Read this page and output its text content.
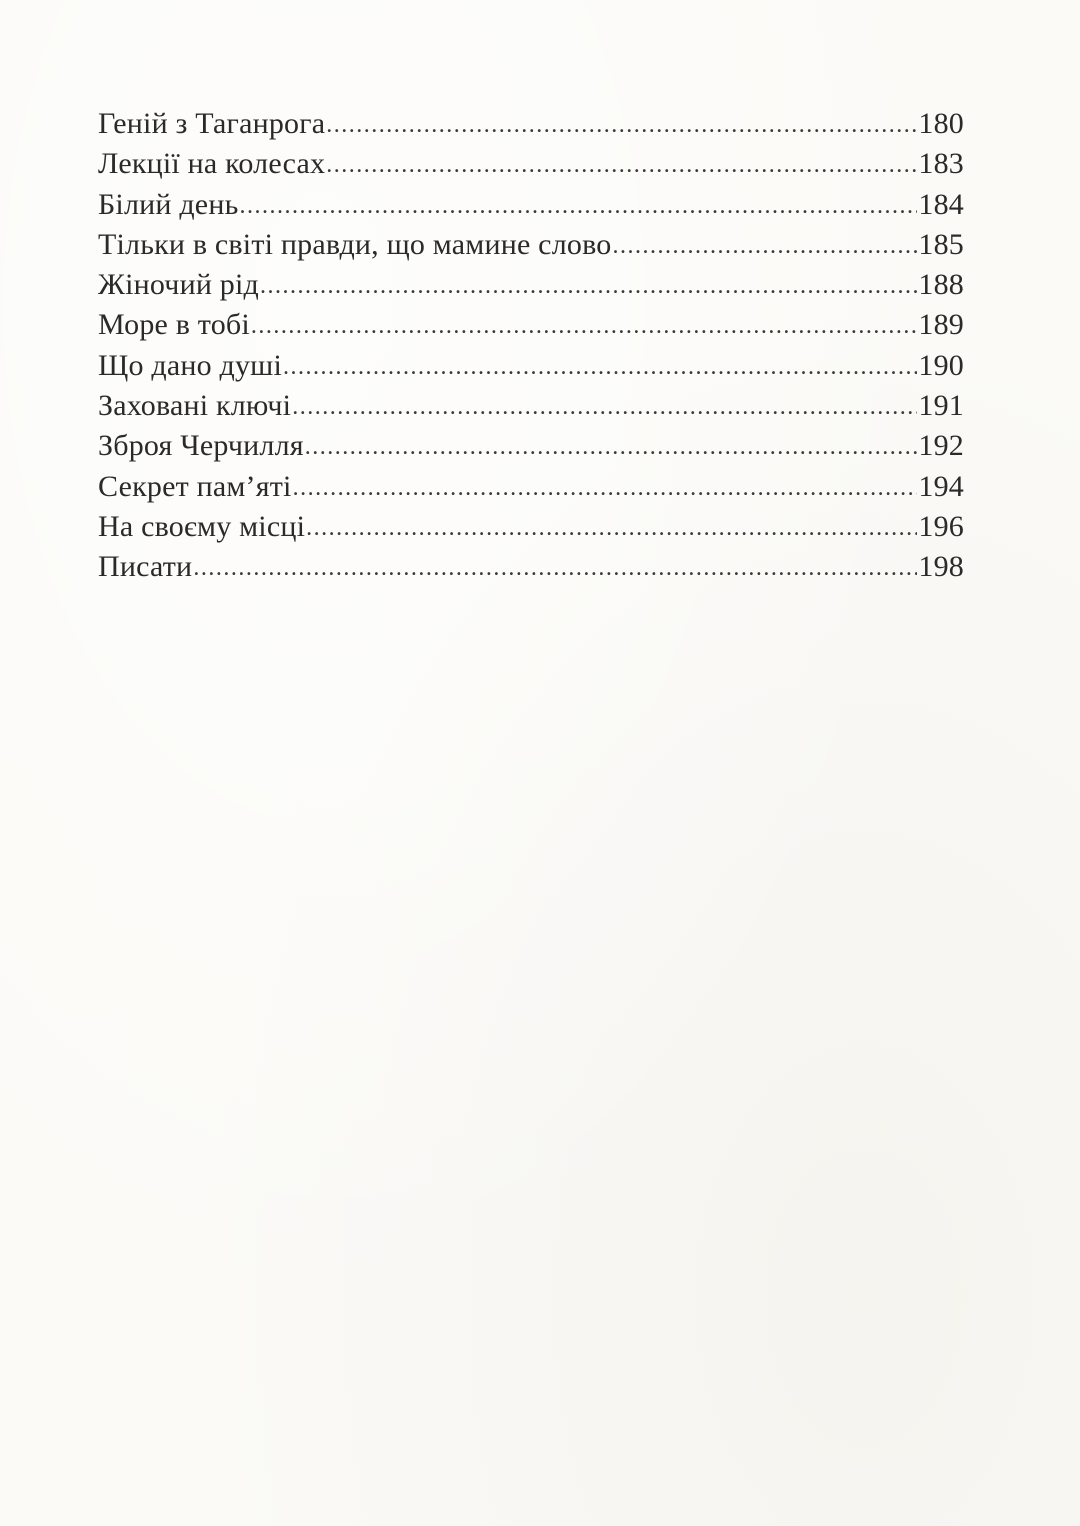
Геній з Таганрога .....	180
Лекції на колесах .....	183
Білий день .....	184
Тільки в світі правди, що мамине слово .....	185
Жіночий рід .....	188
Море в тобі .....	189
Що дано душі .....	190
Заховані ключі .....	191
Зброя Черчилля .....	192
Секрет пам’яті .....	194
На своєму місці .....	196
Писати .....	198
